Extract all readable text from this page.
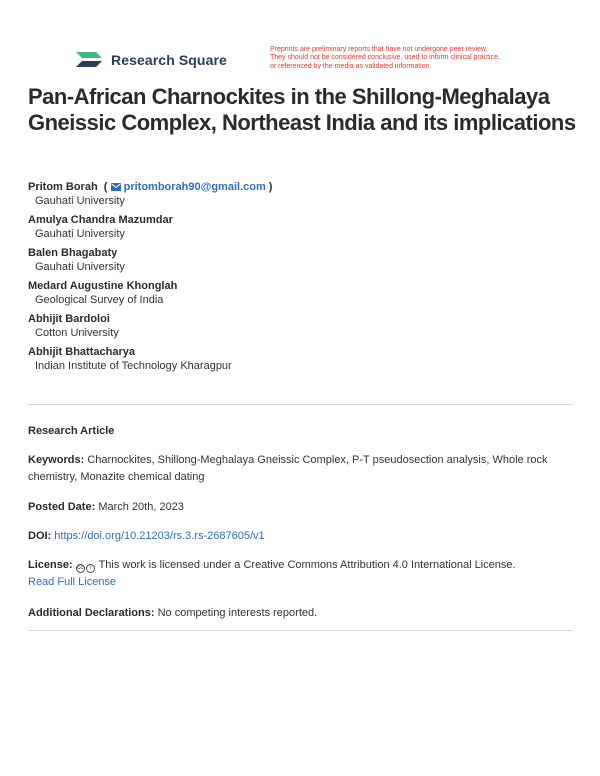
Research Square
Preprints are preliminary reports that have not undergone peer review.
They should not be considered conclusive, used to inform clinical practice,
or referenced by the media as validated information.
Pan-African Charnockites in the Shillong-Meghalaya Gneissic Complex, Northeast India and its implications
Pritom Borah  (  pritomborah90@gmail.com )
Gauhati University
Amulya Chandra Mazumdar
Gauhati University
Balen Bhagabaty
Gauhati University
Medard Augustine Khonglah
Geological Survey of India
Abhijit Bardoloi
Cotton University
Abhijit Bhattacharya
Indian Institute of Technology Kharagpur
Research Article
Keywords: Charnockites, Shillong-Meghalaya Gneissic Complex, P-T pseudosection analysis, Whole rock chemistry, Monazite chemical dating
Posted Date: March 20th, 2023
DOI: https://doi.org/10.21203/rs.3.rs-2687605/v1
License: cc i This work is licensed under a Creative Commons Attribution 4.0 International License.
Read Full License
Additional Declarations: No competing interests reported.
